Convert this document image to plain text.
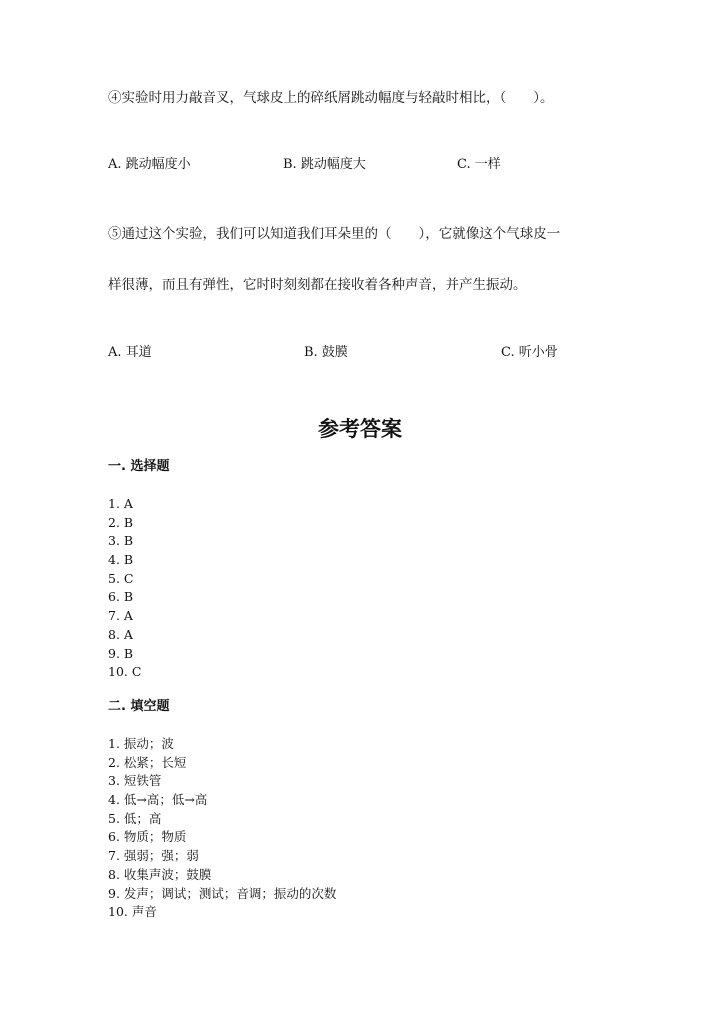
④实验时用力敲音叉，气球皮上的碎纸屑跳动幅度与轻敲时相比，（　　）。
A. 跳动幅度小	B. 跳动幅度大	C. 一样
⑤通过这个实验，我们可以知道我们耳朵里的（　　），它就像这个气球皮一
样很薄，而且有弹性，它时时刻刻都在接收着各种声音，并产生振动。
A. 耳道	B. 鼓膜	C. 听小骨
参考答案
一. 选择题
1. A
2. B
3. B
4. B
5. C
6. B
7. A
8. A
9. B
10. C
二. 填空题
1. 振动；波
2. 松紧；长短
3. 短铁管
4. 低→高；低→高
5. 低；高
6. 物质；物质
7. 强弱；强；弱
8. 收集声波；鼓膜
9. 发声；调试；测试；音调；振动的次数
10. 声音
